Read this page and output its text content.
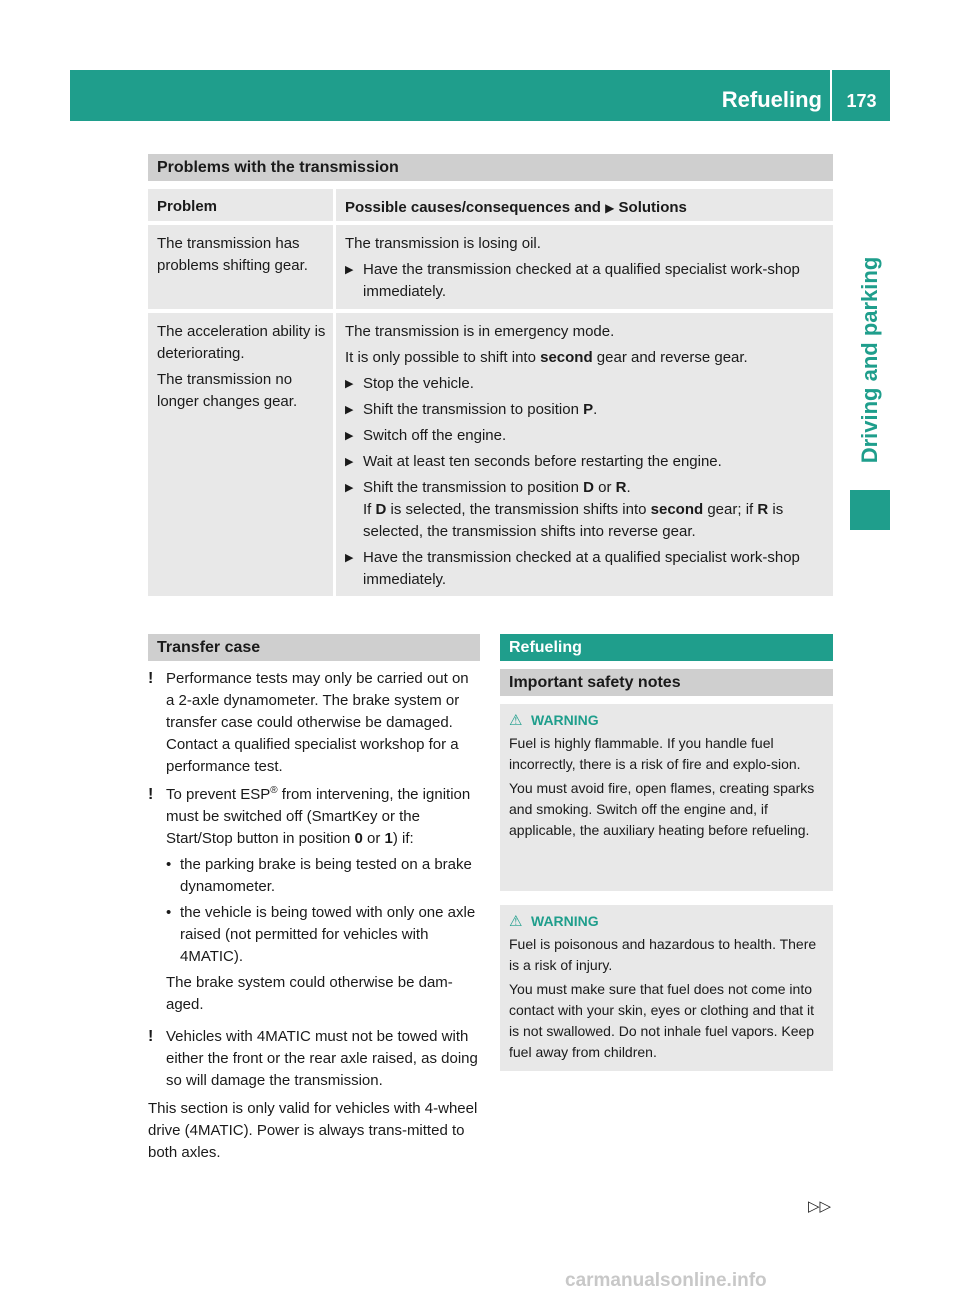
Refueling	173
Driving and parking
Problems with the transmission
Problem	Possible causes/consequences and ▶ Solutions

The transmission has problems shifting gear.

The transmission is losing oil.

▶ Have the transmission checked at a qualified specialist work-shop immediately.

The acceleration ability is deteriorating.

The transmission no longer changes gear.

The transmission is in emergency mode.

It is only possible to shift into second gear and reverse gear.

▶ Stop the vehicle.
▶ Shift the transmission to position P.
▶ Switch off the engine.
▶ Wait at least ten seconds before restarting the engine.
▶ Shift the transmission to position D or R.
If D is selected, the transmission shifts into second gear; if R is selected, the transmission shifts into reverse gear.
▶ Have the transmission checked at a qualified specialist work-shop immediately.
Transfer case
! Performance tests may only be carried out on a 2-axle dynamometer. The brake system or transfer case could otherwise be damaged. Contact a qualified specialist workshop for a performance test.
! To prevent ESP® from intervening, the ignition must be switched off (SmartKey or the Start/Stop button in position 0 or 1) if:

• the parking brake is being tested on a brake dynamometer.
• the vehicle is being towed with only one axle raised (not permitted for vehicles with 4MATIC).

The brake system could otherwise be dam-aged.

! Vehicles with 4MATIC must not be towed with either the front or the rear axle raised, as doing so will damage the transmission.

This section is only valid for vehicles with 4-wheel drive (4MATIC). Power is always trans-mitted to both axles.

Refueling
Important safety notes
⚠ WARNING

Fuel is highly flammable. If you handle fuel incorrectly, there is a risk of fire and explo-sion.

You must avoid fire, open flames, creating sparks and smoking. Switch off the engine and, if applicable, the auxiliary heating before refueling.

⚠ WARNING

Fuel is poisonous and hazardous to health. There is a risk of injury.

You must make sure that fuel does not come into contact with your skin, eyes or clothing and that it is not swallowed. Do not inhale fuel vapors. Keep fuel away from children.

▷▷
carmanualsonline.info
